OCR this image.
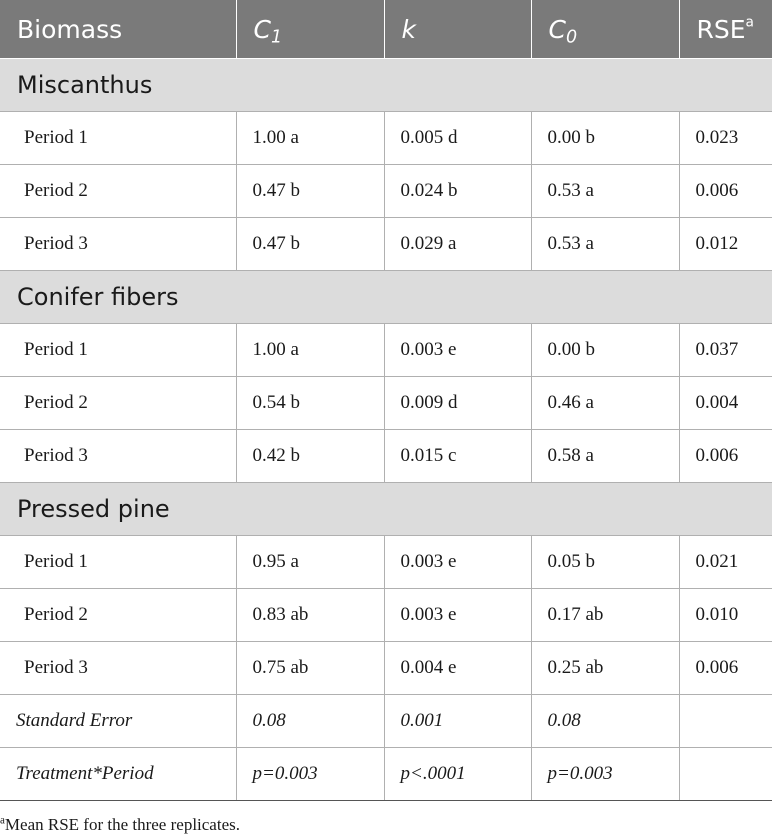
Biomass	$C_1$	k	$C_0$	RSE$^a$
Miscanthus				
Period 1	1.00 a	0.005 d	0.00 b	0.023
Period 2	0.47 b	0.024 b	0.53 a	0.006
Period 3	0.47 b	0.029 a	0.53 a	0.012
Conifer fibers				
Period 1	1.00 a	0.003 e	0.00 b	0.037
Period 2	0.54 b	0.009 d	0.46 a	0.004
Period 3	0.42 b	0.015 c	0.58 a	0.006
Pressed pine				
Period 1	0.95 a	0.003 e	0.05 b	0.021
Period 2	0.83 ab	0.003 e	0.17 ab	0.010
Period 3	0.75 ab	0.004 e	0.25 ab	0.006
Standard Error	0.08	0.001	0.08	
Treatment*Period	p=0.003	p<.0001	p=0.003	
$^a$Mean RSE for the three replicates.
